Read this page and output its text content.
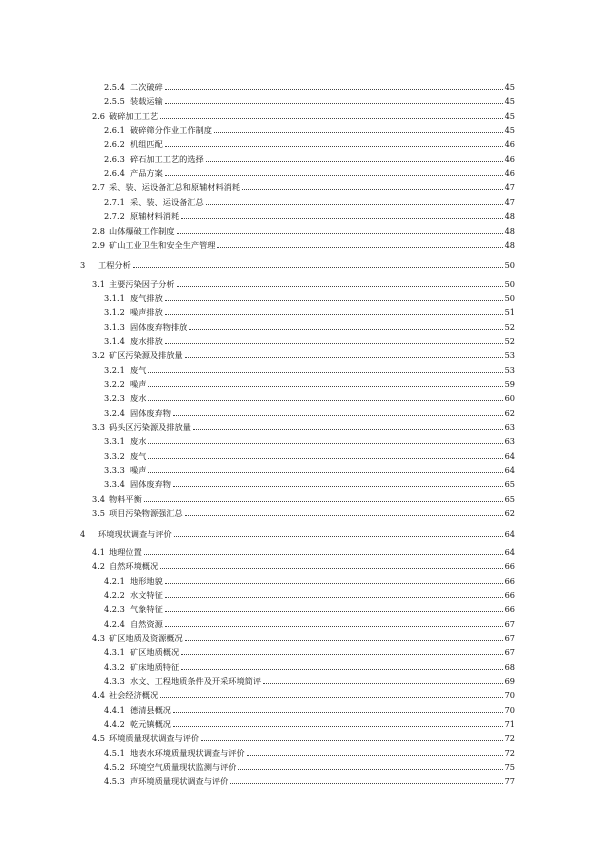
2.5.4 二次破碎	45
2.5.5 装载运输	45
2.6 破碎加工工艺	45
2.6.1 破碎筛分作业工作制度	45
2.6.2 机组匹配	46
2.6.3 碎石加工工艺的选择	46
2.6.4 产品方案	46
2.7 采、装、运设备汇总和原辅材料消耗	47
2.7.1 采、装、运设备汇总	47
2.7.2 原辅材料消耗	48
2.8 山体爆破工作制度	48
2.9 矿山工业卫生和安全生产管理	48
3	工程分析	50
3.1 主要污染因子分析	50
3.1.1 废气排放	50
3.1.2 噪声排放	51
3.1.3 固体废弃物排放	52
3.1.4 废水排放	52
3.2 矿区污染源及排放量	53
3.2.1 废气	53
3.2.2 噪声	59
3.2.3 废水	60
3.2.4 固体废弃物	62
3.3 码头区污染源及排放量	63
3.3.1 废水	63
3.3.2 废气	64
3.3.3 噪声	64
3.3.4 固体废弃物	65
3.4 物料平衡	65
3.5 项目污染物源强汇总	62
4	环境现状调查与评价	64
4.1 地理位置	64
4.2 自然环境概况	66
4.2.1 地形地貌	66
4.2.2 水文特征	66
4.2.3 气象特征	66
4.2.4 自然资源	67
4.3 矿区地质及资源概况	67
4.3.1 矿区地质概况	67
4.3.2 矿床地质特征	68
4.3.3 水文、工程地质条件及开采环境简评	69
4.4 社会经济概况	70
4.4.1 德清县概况	70
4.4.2 乾元镇概况	71
4.5 环境质量现状调查与评价	72
4.5.1 地表水环境质量现状调查与评价	72
4.5.2 环境空气质量现状监测与评价	75
4.5.3 声环境质量现状调查与评价	77
